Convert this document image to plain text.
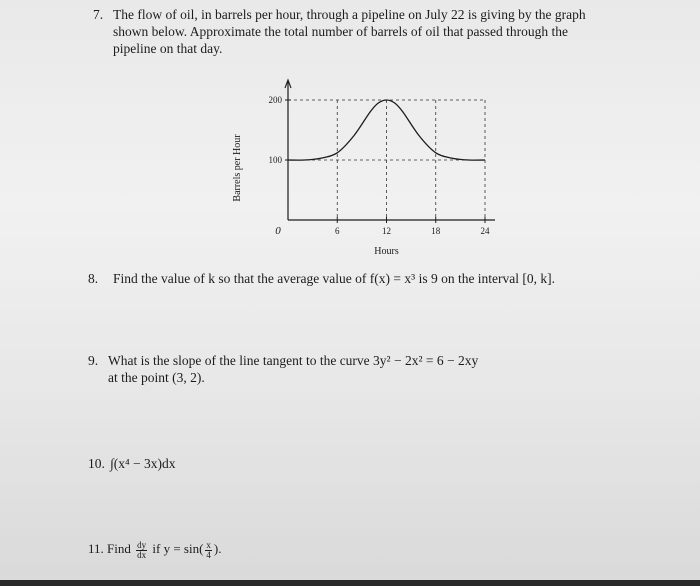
7. The flow of oil, in barrels per hour, through a pipeline on July 22 is giving by the graph
shown below. Approximate the total number of barrels of oil that passed through the
pipeline on that day.
0	6	12	18	24
100
200
Hours
Barrels per Hour
8. Find the value of k so that the average value of f(x) = x³ is 9 on the interval [0, k].
9. What is the slope of the line tangent to the curve 3y² − 2x² = 6 − 2xy
at the point (3, 2).
10. ∫(x⁴ − 3x)dx
11. Find $\frac{dy}{dx}$ if $y = \sin( \frac{x}{4}$ ).
